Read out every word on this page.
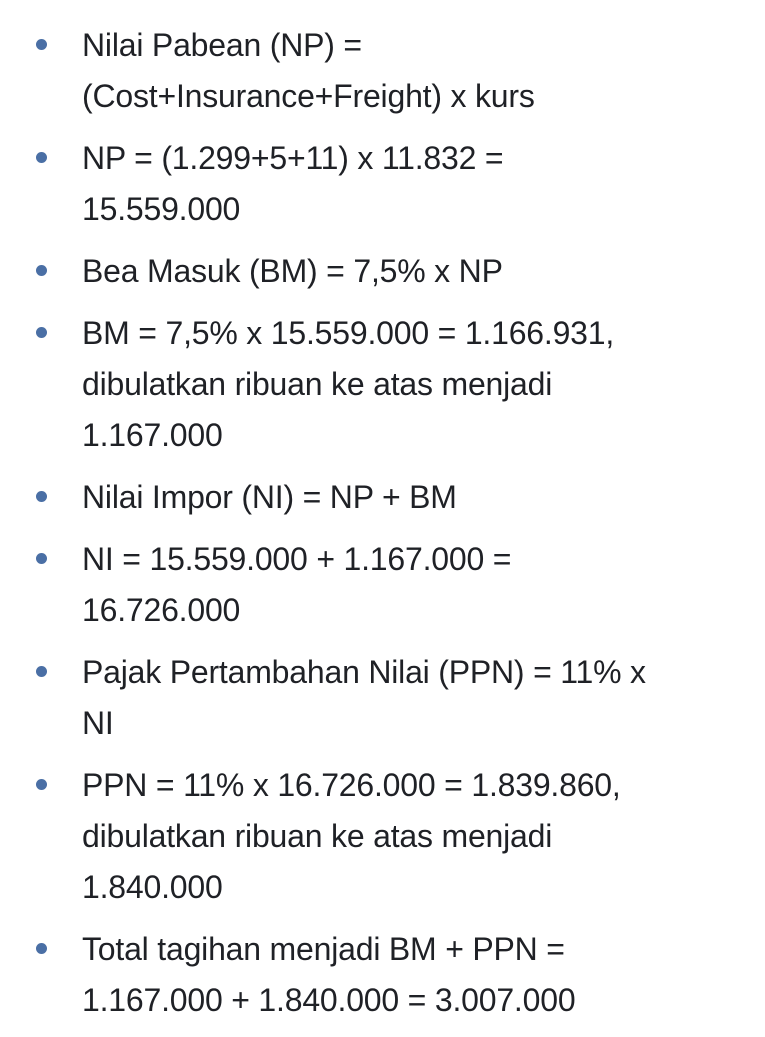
Nilai Pabean (NP) =
(Cost+Insurance+Freight) x kurs
NP = (1.299+5+11) x 11.832 =
15.559.000
Bea Masuk (BM) = 7,5% x NP
BM = 7,5% x 15.559.000 = 1.166.931,
dibulatkan ribuan ke atas menjadi
1.167.000
Nilai Impor (NI) = NP + BM
NI = 15.559.000 + 1.167.000 =
16.726.000
Pajak Pertambahan Nilai (PPN) = 11% x
NI
PPN = 11% x 16.726.000 = 1.839.860,
dibulatkan ribuan ke atas menjadi
1.840.000
Total tagihan menjadi BM + PPN =
1.167.000 + 1.840.000 = 3.007.000
